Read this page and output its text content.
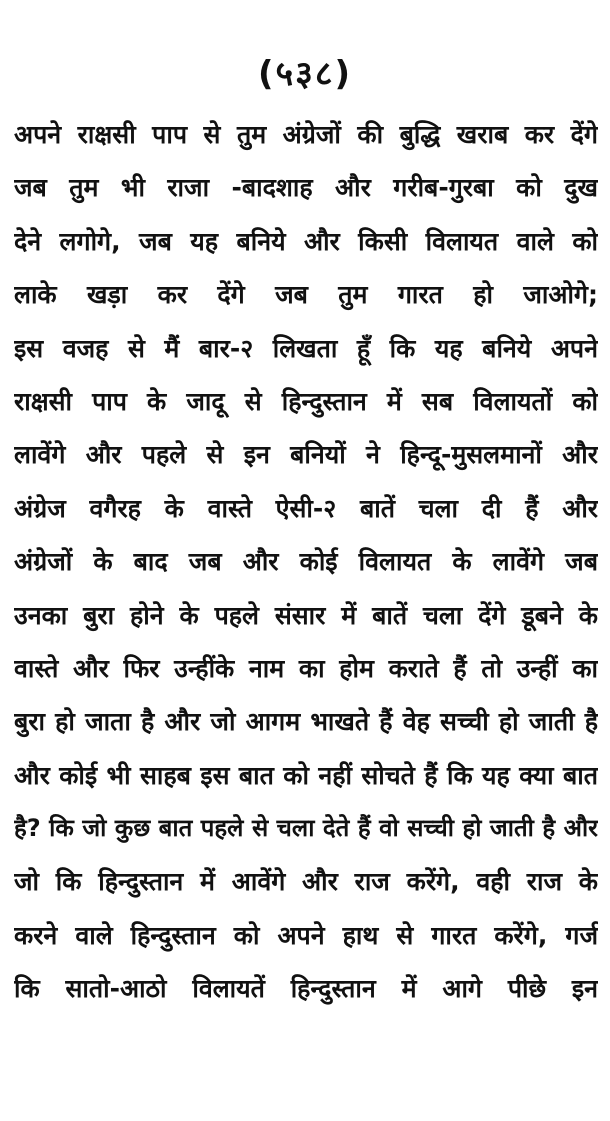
(५३८)
अपने राक्षसी पाप से तुम अंग्रेजों की बुद्धि खराब कर देंगे
जब तुम भी राजा -बादशाह और गरीब-गुरबा को दुख
देने लगोगे, जब यह बनिये और किसी विलायत वाले को
लाके खड़ा कर देंगे जब तुम गारत हो जाओगे;
इस वजह से मैं बार-२ लिखता हूँ कि यह बनिये अपने
राक्षसी पाप के जादू से हिन्दुस्तान में सब विलायतों को
लावेंगे और पहले से इन बनियों ने हिन्दू-मुसलमानों और
अंग्रेज वगैरह के वास्ते ऐसी-२ बातें चला दी हैं और
अंग्रेजों के बाद जब और कोई विलायत के लावेंगे जब
उनका बुरा होने के पहले संसार में बातें चला देंगे डूबने के
वास्ते और फिर उन्हींके नाम का होम कराते हैं तो उन्हीं का
बुरा हो जाता है और जो आगम भाखते हैं वेह सच्ची हो जाती है
और कोई भी साहब इस बात को नहीं सोचते हैं कि यह क्या बात
है? कि जो कुछ बात पहले से चला देते हैं वो सच्ची हो जाती है और
जो कि हिन्दुस्तान में आवेंगे और राज करेंगे, वही राज के
करने वाले हिन्दुस्तान को अपने हाथ से गारत करेंगे, गर्ज
कि सातो-आठो विलायतें हिन्दुस्तान में आगे पीछे इन
